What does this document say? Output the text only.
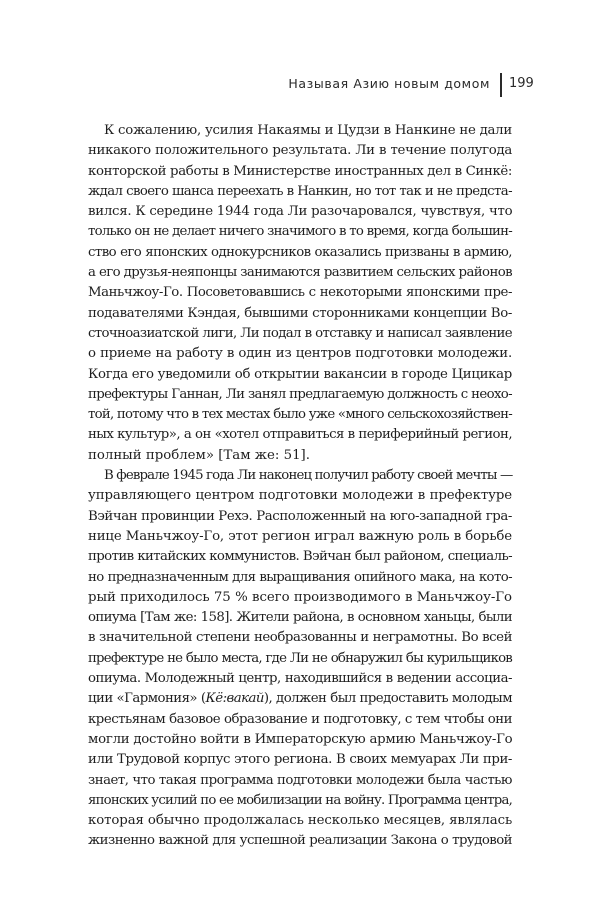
Называя Азию новым домом 199
К сожалению, усилия Накаямы и Цудзи в Нанкине не дали
никакого положительного результата. Ли в течение полугода
конторской работы в Министерстве иностранных дел в Синкё:
ждал своего шанса переехать в Нанкин, но тот так и не предста-
вился. К середине 1944 года Ли разочаровался, чувствуя, что
только он не делает ничего значимого в то время, когда большин-
ство его японских однокурсников оказались призваны в армию,
а его друзья-неяпонцы занимаются развитием сельских районов
Маньчжоу-Го. Посоветовавшись с некоторыми японскими пре-
подавателями Кэндая, бывшими сторонниками концепции Во-
сточноазиатской лиги, Ли подал в отставку и написал заявление
о приеме на работу в один из центров подготовки молодежи.
Когда его уведомили об открытии вакансии в городе Цицикар
префектуры Ганнан, Ли занял предлагаемую должность с неохо-
той, потому что в тех местах было уже «много сельскохозяйствен-
ных культур», а он «хотел отправиться в периферийный регион,
полный проблем» [Там же: 51].
В феврале 1945 года Ли наконец получил работу своей мечты —
управляющего центром подготовки молодежи в префектуре
Вэйчан провинции Рехэ. Расположенный на юго-западной гра-
нице Маньчжоу-Го, этот регион играл важную роль в борьбе
против китайских коммунистов. Вэйчан был районом, специаль-
но предназначенным для выращивания опийного мака, на кото-
рый приходилось 75 % всего производимого в Маньчжоу-Го
опиума [Там же: 158]. Жители района, в основном ханьцы, были
в значительной степени необразованны и неграмотны. Во всей
префектуре не было места, где Ли не обнаружил бы курильщиков
опиума. Молодежный центр, находившийся в ведении ассоциа-
ции «Гармония» (Кё:вакай), должен был предоставить молодым
крестьянам базовое образование и подготовку, с тем чтобы они
могли достойно войти в Императорскую армию Маньчжоу-Го
или Трудовой корпус этого региона. В своих мемуарах Ли при-
знает, что такая программа подготовки молодежи была частью
японских усилий по ее мобилизации на войну. Программа центра,
которая обычно продолжалась несколько месяцев, являлась
жизненно важной для успешной реализации Закона о трудовой
